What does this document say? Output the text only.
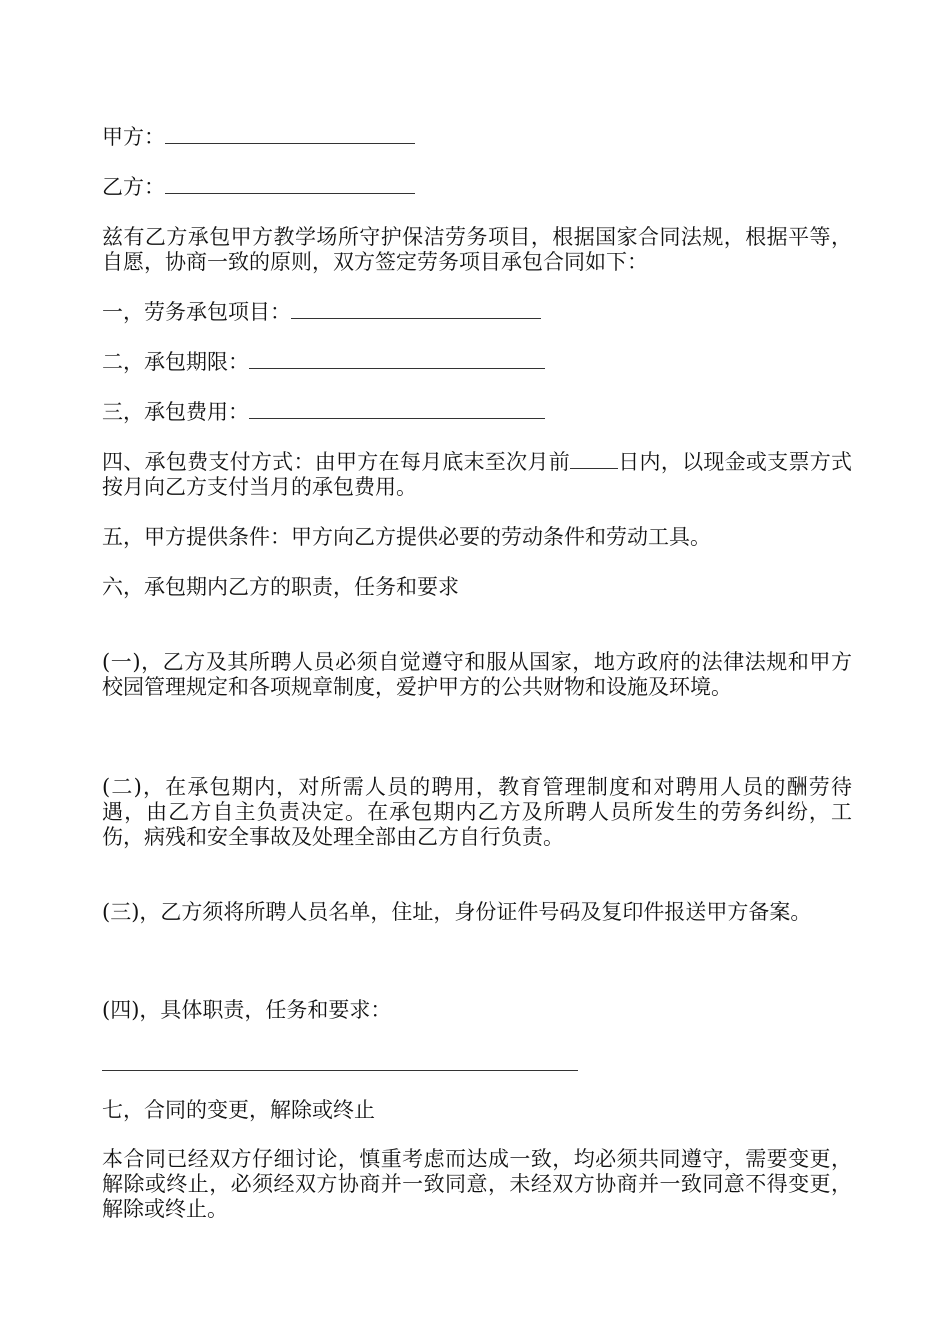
甲方：
乙方：
兹有乙方承包甲方教学场所守护保洁劳务项目，根据国家合同法规，根据平等，自愿，协商一致的原则，双方签定劳务项目承包合同如下：
一，劳务承包项目：
二，承包期限：
三，承包费用：
四、承包费支付方式：由甲方在每月底末至次月前 日内，以现金或支票方式按月向乙方支付当月的承包费用。
五，甲方提供条件：甲方向乙方提供必要的劳动条件和劳动工具。
六，承包期内乙方的职责，任务和要求
(一)，乙方及其所聘人员必须自觉遵守和服从国家，地方政府的法律法规和甲方校园管理规定和各项规章制度，爱护甲方的公共财物和设施及环境。
(二)，在承包期内，对所需人员的聘用，教育管理制度和对聘用人员的酬劳待遇，由乙方自主负责决定。在承包期内乙方及所聘人员所发生的劳务纠纷，工伤，病残和安全事故及处理全部由乙方自行负责。
(三)，乙方须将所聘人员名单，住址，身份证件号码及复印件报送甲方备案。
(四)，具体职责，任务和要求：
七，合同的变更，解除或终止
本合同已经双方仔细讨论，慎重考虑而达成一致，均必须共同遵守，需要变更，解除或终止，必须经双方协商并一致同意，未经双方协商并一致同意不得变更，解除或终止。
